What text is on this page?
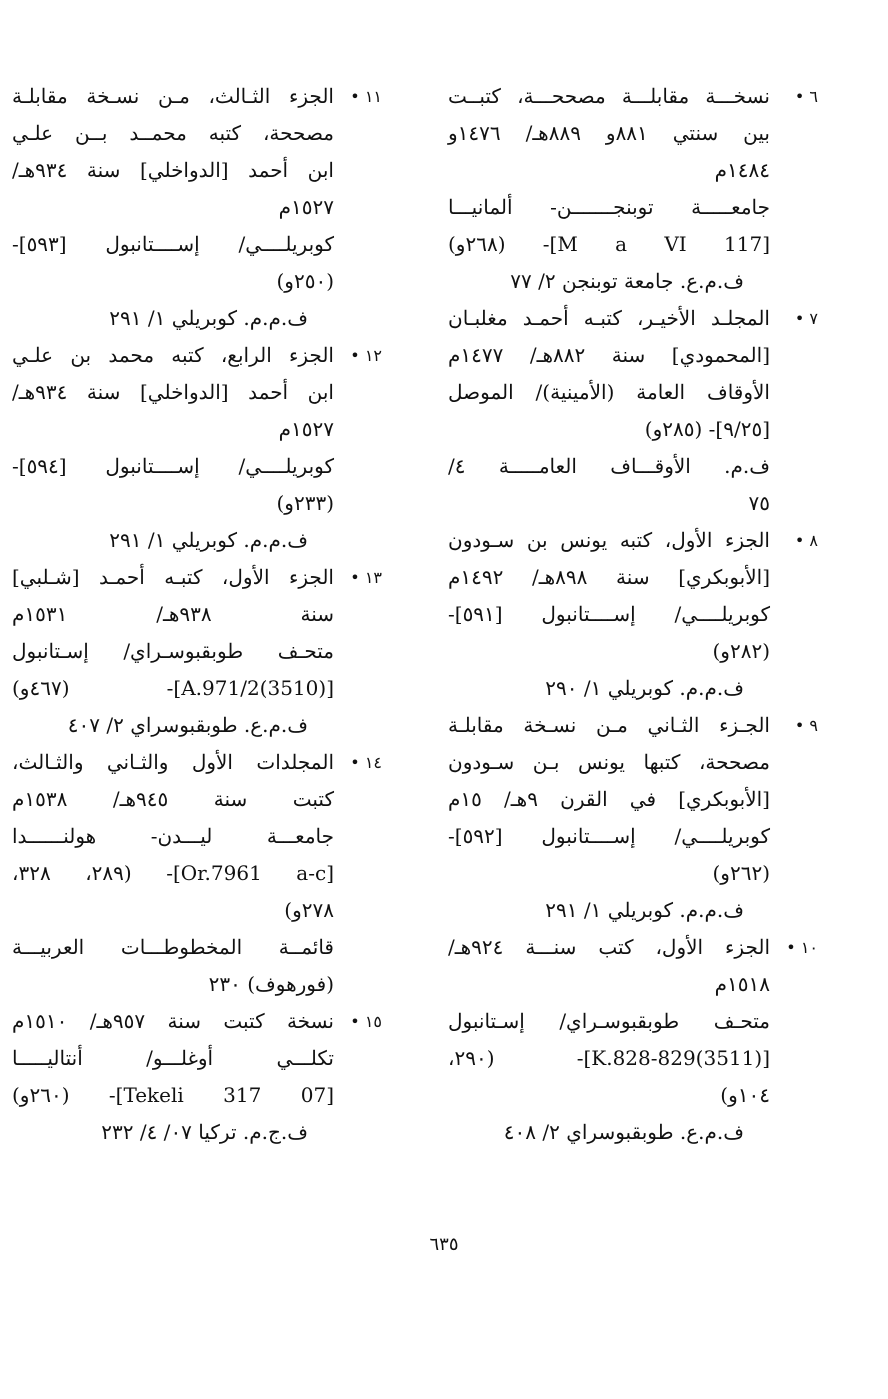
٦ •
نسخـــة مقابلـــة مصححـــة، كتبــت
بين سنتي ٨٨١و ٨٨٩هـ/ ١٤٧٦و
١٤٨٤م
جامعـــــة توبنجـــــــن- ألمانيـــا
[M a VI 117]- (٢٦٨و)
ف.م.ع. جامعة توبنجن ٢/ ٧٧
٧ •
المجلـد الأخيـر، كتبـه أحمـد مغلبـان
[المحمودي] سنة ٨٨٢هـ/ ١٤٧٧م
الأوقاف العامة (الأمينية)/ الموصل
[٩/٢٥]- (٢٨٥و)
ف.م. الأوقـــاف العامـــــة ٤/
٧٥
٨ •
الجزء الأول، كتبه يونس بن سـودون
[الأبوبكري] سنة ٨٩٨هـ/ ١٤٩٢م
كوبريلــــي/ إســــتانبول [٥٩١]-
(٢٨٢و)
ف.م.م. كوبريلي ١/ ٢٩٠
٩ •
الجـزء الثـاني مـن نسـخة مقابلـة
مصححة، كتبها يونس بـن سـودون
[الأبوبكري] في القرن ٩هـ/ ١٥م
كوبريلــــي/ إســــتانبول [٥٩٢]-
(٢٦٢و)
ف.م.م. كوبريلي ١/ ٢٩١
١٠ •
الجزء الأول، كتب سنـــة ٩٢٤هـ/
١٥١٨م
متحـف طوبقبوسـراي/ إسـتانبول
[(3511)K.828-829]- (٢٩٠،
١٠٤و)
ف.م.ع. طوبقبوسراي ٢/ ٤٠٨
١١ •
الجزء الثـالث، مـن نسـخة مقابلـة
مصححة، كتبه محمــد بــن علـي
ابن أحمد [الدواخلي] سنة ٩٣٤هـ/
١٥٢٧م
كوبريلــــي/ إســــتانبول [٥٩٣]-
(٢٥٠و)
ف.م.م. كوبريلي ١/ ٢٩١
١٢ •
الجزء الرابع، كتبه محمد بن علـي
ابن أحمد [الدواخلي] سنة ٩٣٤هـ/
١٥٢٧م
كوبريلــــي/ إســــتانبول [٥٩٤]-
(٢٣٣و)
ف.م.م. كوبريلي ١/ ٢٩١
١٣ •
الجزء الأول، كتبـه أحمـد [شـلبي]
سنة ٩٣٨هـ/ ١٥٣١م
متحـف طوبقبوسـراي/ إسـتانبول
[(3510)A.971/2]- (٤٦٧و)
ف.م.ع. طوبقبوسراي ٢/ ٤٠٧
١٤ •
المجلدات الأول والثـاني والثـالث،
كتبت سنة ٩٤٥هـ/ ١٥٣٨م
جامعـــة ليـــدن- هولنــــــدا
[Or.7961 a-c]- (٢٨٩، ٣٢٨،
٢٧٨و)
قائمــة المخطوطـــات العربيـــة
(فورهوف) ٢٣٠
١٥ •
نسخة كتبت سنة ٩٥٧هـ/ ١٥١٠م
تكلـــي أوغلـــو/ أنتاليـــــا
[07 Tekeli 317]- (٢٦٠و)
ف.ج.م. تركيا ٠٧/ ٤/ ٢٣٢
٦٣٥
